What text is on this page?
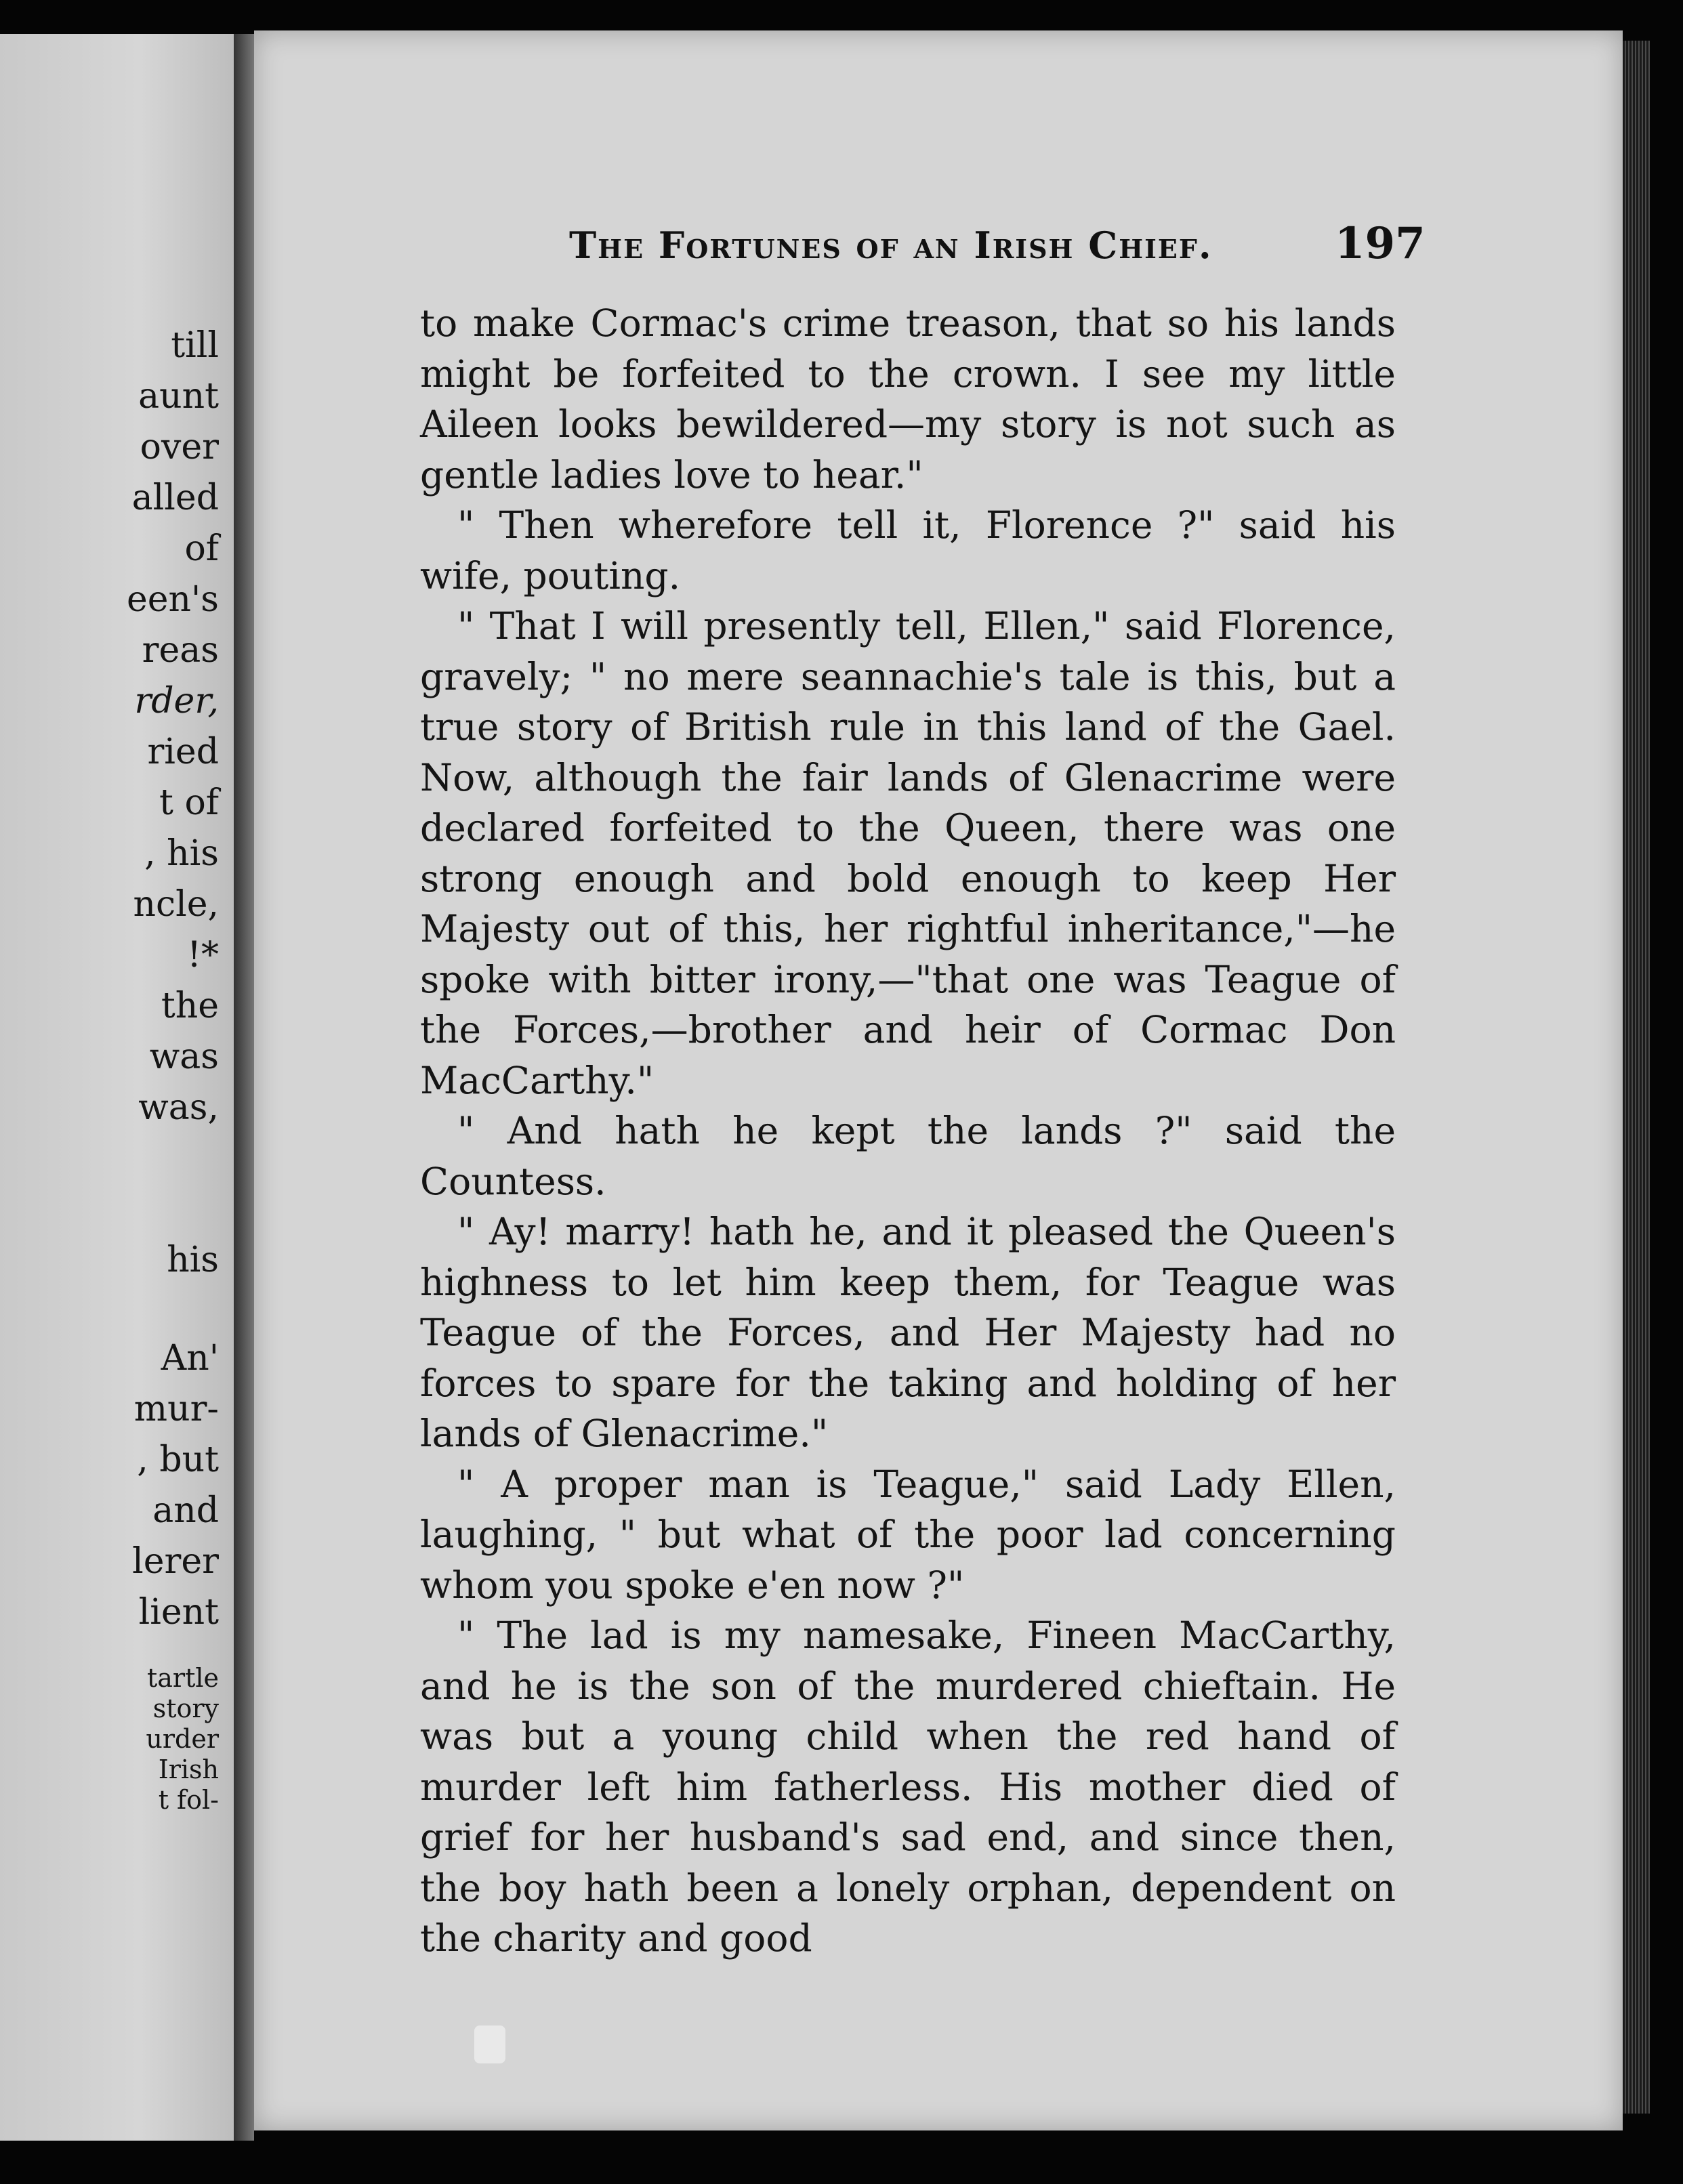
till
aunt
over
alled
of
een's
reas
rder,
ried
t of
, his
ncle,
!*
the
was
was,
his
An'
mur-
, but
and
lerer
lient
tartle
story
urder
Irish
t fol-
The Fortunes of an Irish Chief.	197

to make Cormac's crime treason, that so his lands might be forfeited to the crown. I see my little Aileen looks bewildered—my story is not such as gentle ladies love to hear."

" Then wherefore tell it, Florence ?" said his wife, pouting.

" That I will presently tell, Ellen," said Florence, gravely; " no mere seannachie's tale is this, but a true story of British rule in this land of the Gael. Now, although the fair lands of Glenacrime were declared forfeited to the Queen, there was one strong enough and bold enough to keep Her Majesty out of this, her rightful inheritance,"—he spoke with bitter irony,—"that one was Teague of the Forces,—brother and heir of Cormac Don MacCarthy."

" And hath he kept the lands ?" said the Countess.

" Ay! marry! hath he, and it pleased the Queen's highness to let him keep them, for Teague was Teague of the Forces, and Her Majesty had no forces to spare for the taking and holding of her lands of Glenacrime."

" A proper man is Teague," said Lady Ellen, laughing, " but what of the poor lad concerning whom you spoke e'en now ?"

" The lad is my namesake, Fineen MacCarthy, and he is the son of the murdered chieftain. He was but a young child when the red hand of murder left him fatherless. His mother died of grief for her husband's sad end, and since then, the boy hath been a lonely orphan, dependent on the charity and good
